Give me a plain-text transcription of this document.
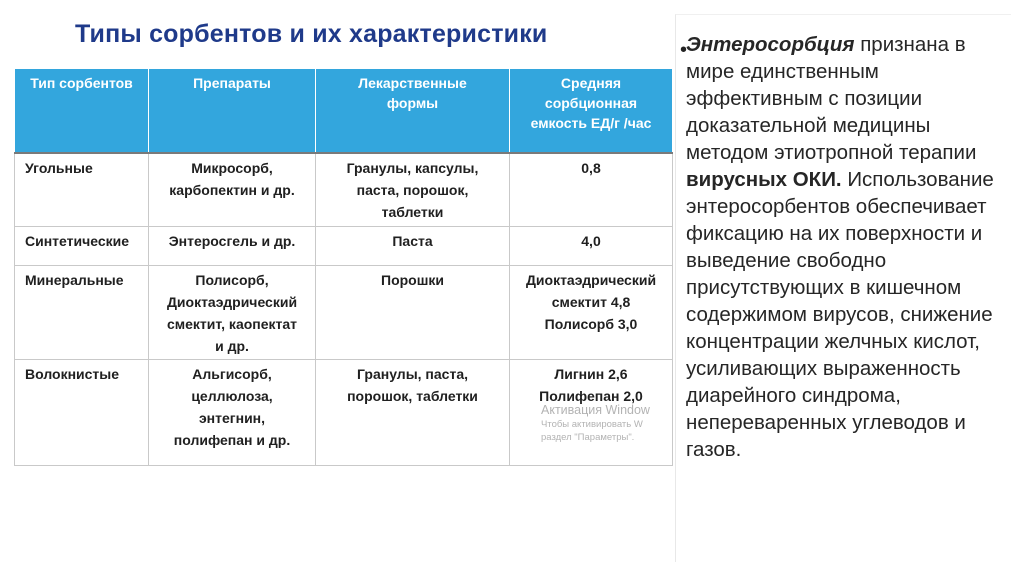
Типы сорбентов и их характеристики
Тип сорбентов	Препараты	Лекарственные формы	Средняя сорбционная емкость ЕД/г /час
Угольные	Микросорб,
карбопектин и др.	Гранулы, капсулы,
паста, порошок,
таблетки	0,8

Синтетические	Энтеросгель и др.	Паста	4,0

Минеральные	Полисорб,
Диоктаэдрический
смектит, каопектат
и др.	Порошки	Диоктаэдрический
смектит 4,8
Полисорб 3,0

Волокнистые	Альгисорб,
целлюлоза,
энтегнин,
полифепан и др.	Гранулы, паста,
порошок, таблетки	Лигнин 2,6
Полифепан 2,0
Активация Window
Чтобы активировать W
раздел "Параметры".
•
Энтеросорбция признана в мире единственным эффективным с позиции доказательной медицины методом этиотропной терапии вирусных ОКИ. Использование энтеросорбентов обеспечивает фиксацию на их поверхности и выведение свободно присутствующих в кишечном содержимом вирусов, снижение концентрации желчных кислот, усиливающих выраженность диарейного синдрома, непереваренных углеводов и газов.
